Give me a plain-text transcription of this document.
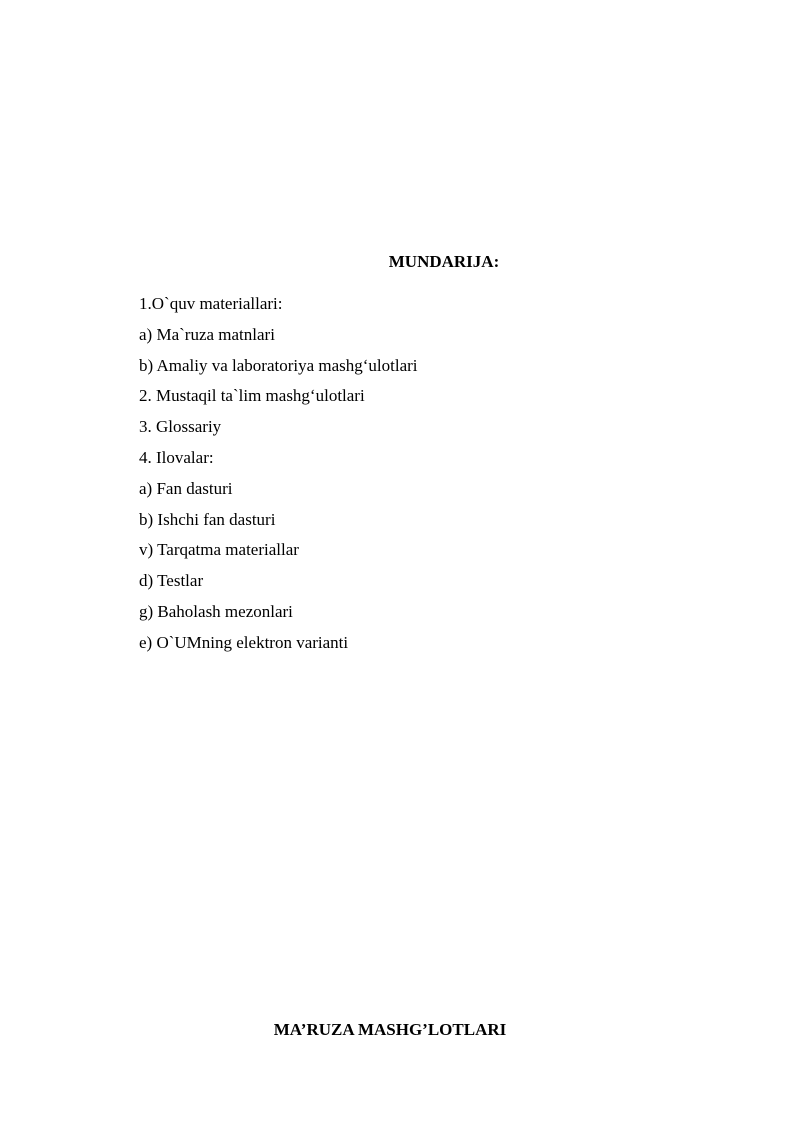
MUNDARIJA:
1.O`quv materiallari:
a) Ma`ruza matnlari
b) Amaliy va laboratoriya mashg‘ulotlari
2. Mustaqil ta`lim mashg‘ulotlari
3. Glossariy
4. Ilovalar:
a) Fan dasturi
b) Ishchi fan dasturi
v) Tarqatma materiallar
d) Testlar
g) Baholash mezonlari
e) O`UMning elektron varianti
MA’RUZA MASHG’LOTLARI
